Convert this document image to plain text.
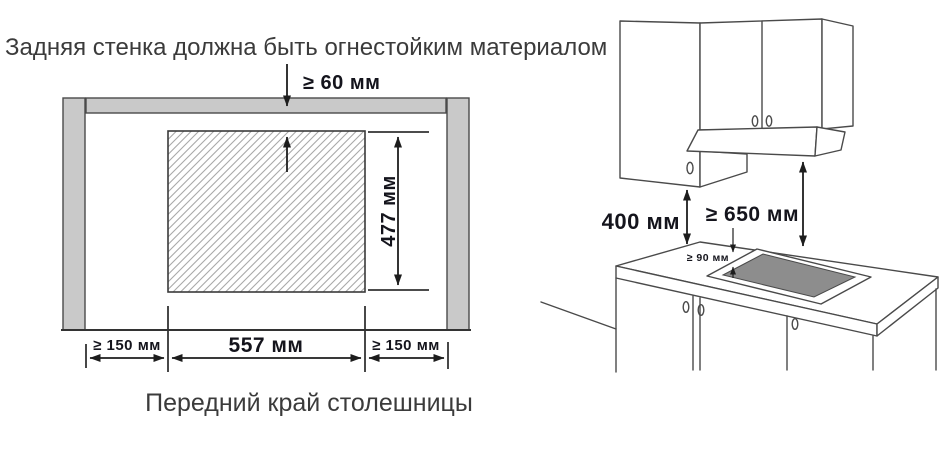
Задняя стенка должна быть огнестойким материалом
≥ 60 мм
477 мм
≥ 150 мм	557 мм	≥ 150 мм
Передний край столешницы
400 мм ≥ 650 мм
≥ 90 мм
